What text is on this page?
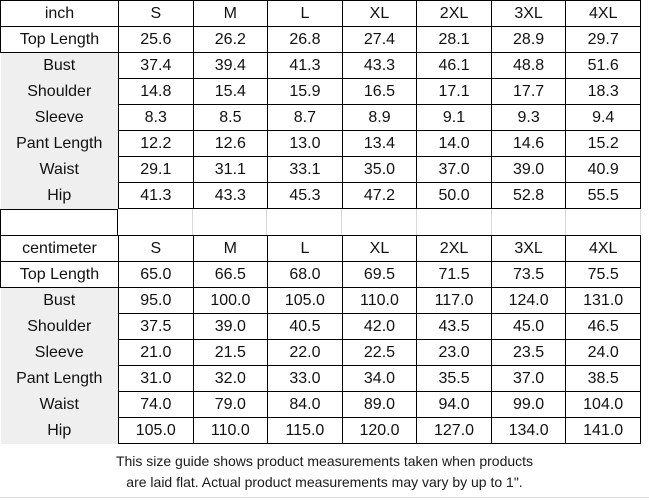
inch	S	M	L	XL	2XL	3XL	4XL
Top Length	25.6	26.2	26.8	27.4	28.1	28.9	29.7
Bust	37.4	39.4	41.3	43.3	46.1	48.8	51.6
Shoulder	14.8	15.4	15.9	16.5	17.1	17.7	18.3
Sleeve	8.3	8.5	8.7	8.9	9.1	9.3	9.4
Pant Length	12.2	12.6	13.0	13.4	14.0	14.6	15.2
Waist	29.1	31.1	33.1	35.0	37.0	39.0	40.9
Hip	41.3	43.3	45.3	47.2	50.0	52.8	55.5
centimeter	S	M	L	XL	2XL	3XL	4XL
Top Length	65.0	66.5	68.0	69.5	71.5	73.5	75.5
Bust	95.0	100.0	105.0	110.0	117.0	124.0	131.0
Shoulder	37.5	39.0	40.5	42.0	43.5	45.0	46.5
Sleeve	21.0	21.5	22.0	22.5	23.0	23.5	24.0
Pant Length	31.0	32.0	33.0	34.0	35.5	37.0	38.5
Waist	74.0	79.0	84.0	89.0	94.0	99.0	104.0
Hip	105.0	110.0	115.0	120.0	127.0	134.0	141.0
This size guide shows product measurements taken when products
are laid flat. Actual product measurements may vary by up to 1".
